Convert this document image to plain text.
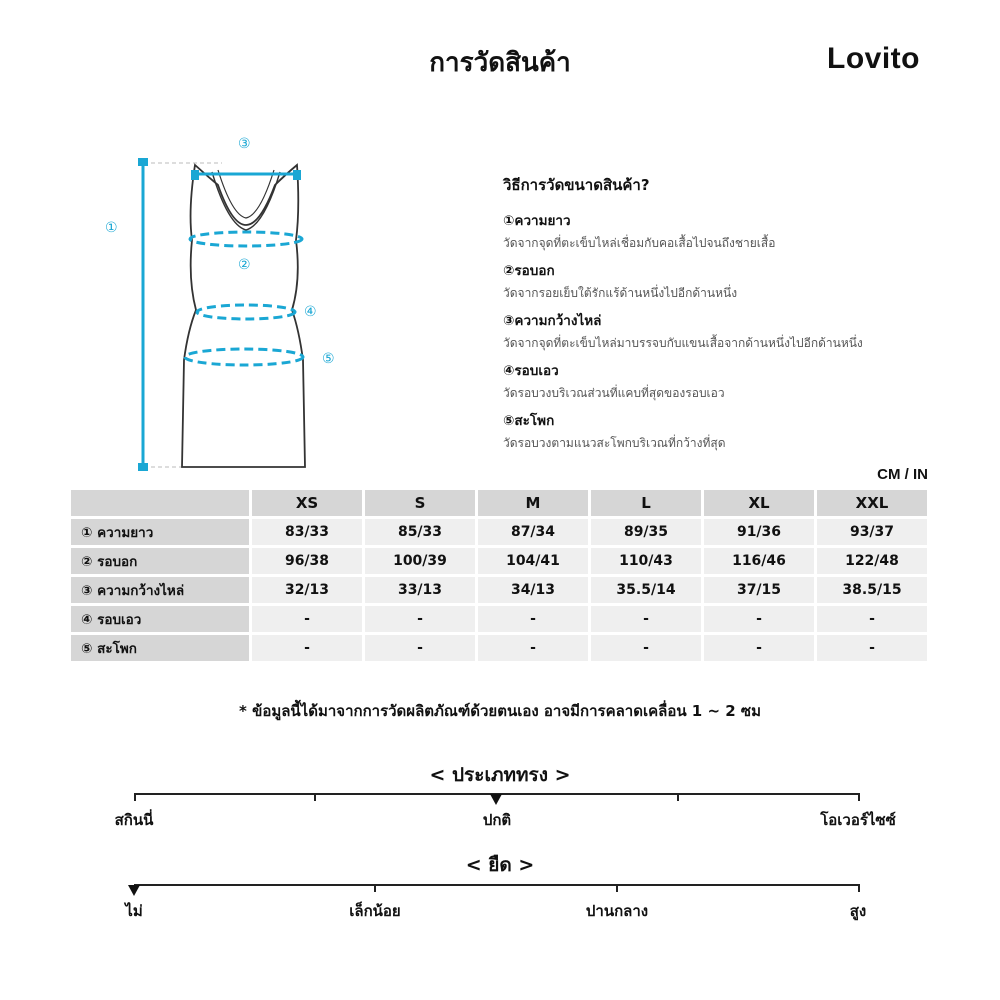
การวัดสินค้า	Lovito
①
②
③
④
⑤
วิธีการวัดขนาดสินค้า?
①ความยาว
วัดจากจุดที่ตะเข็บไหล่เชื่อมกับคอเสื้อไปจนถึงชายเสื้อ
②รอบอก
วัดจากรอยเย็บใต้รักแร้ด้านหนึ่งไปอีกด้านหนึ่ง
③ความกว้างไหล่
วัดจากจุดที่ตะเข็บไหล่มาบรรจบกับแขนเสื้อจากด้านหนึ่งไปอีกด้านหนึ่ง
④รอบเอว
วัดรอบวงบริเวณส่วนที่แคบที่สุดของรอบเอว
⑤สะโพก
วัดรอบวงตามแนวสะโพกบริเวณที่กว้างที่สุด
CM / IN
	XS	S	M	L	XL	XXL
① ความยาว	83/33	85/33	87/34	89/35	91/36	93/37
② รอบอก	96/38	100/39	104/41	110/43	116/46	122/48
③ ความกว้างไหล่	32/13	33/13	34/13	35.5/14	37/15	38.5/15
④ รอบเอว	-	-	-	-	-	-
⑤ สะโพก	-	-	-	-	-	-
* ข้อมูลนี้ได้มาจากการวัดผลิตภัณฑ์ด้วยตนเอง อาจมีการคลาดเคลื่อน 1 ~ 2 ซม
< ประเภททรง >
สกินนี่	ปกติ	โอเวอร์ไซซ์
< ยืด >
ไม่	เล็กน้อย	ปานกลาง	สูง
